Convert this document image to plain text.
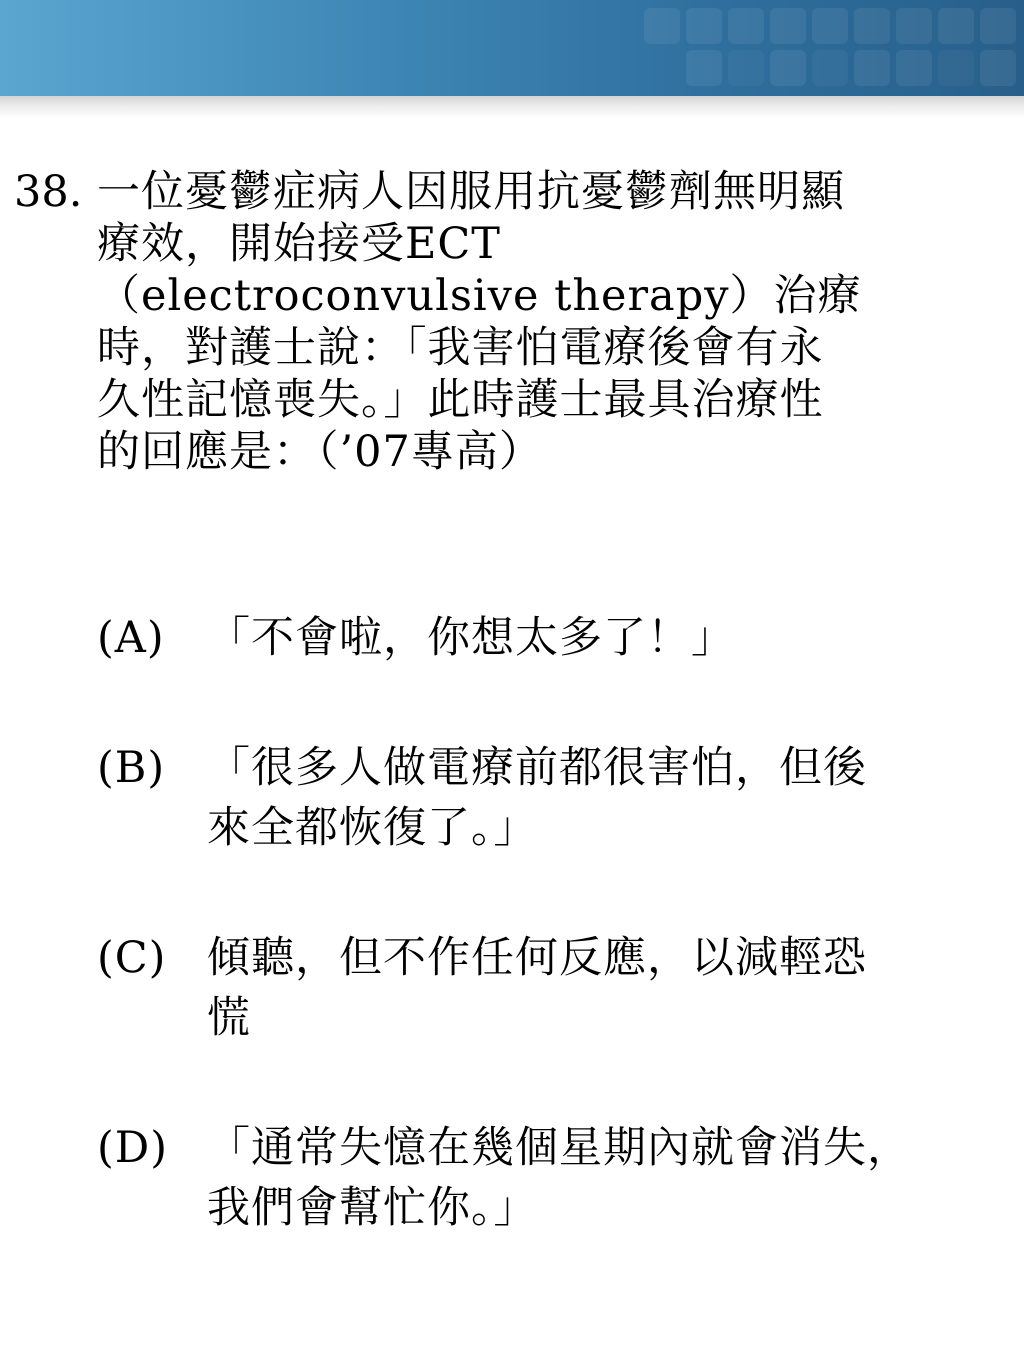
38. 一位憂鬱症病人因服用抗憂鬱劑無明顯
療效，開始接受ECT
（electroconvulsive therapy）治療
時，對護士說：「我害怕電療後會有永
久性記憶喪失。」此時護士最具治療性
的回應是：（’07專高）
(A) 「不會啦，你想太多了！」
(B) 「很多人做電療前都很害怕，但後
來全都恢復了。」
(C) 傾聽，但不作任何反應，以減輕恐
慌
(D) 「通常失憶在幾個星期內就會消失，
我們會幫忙你。」
